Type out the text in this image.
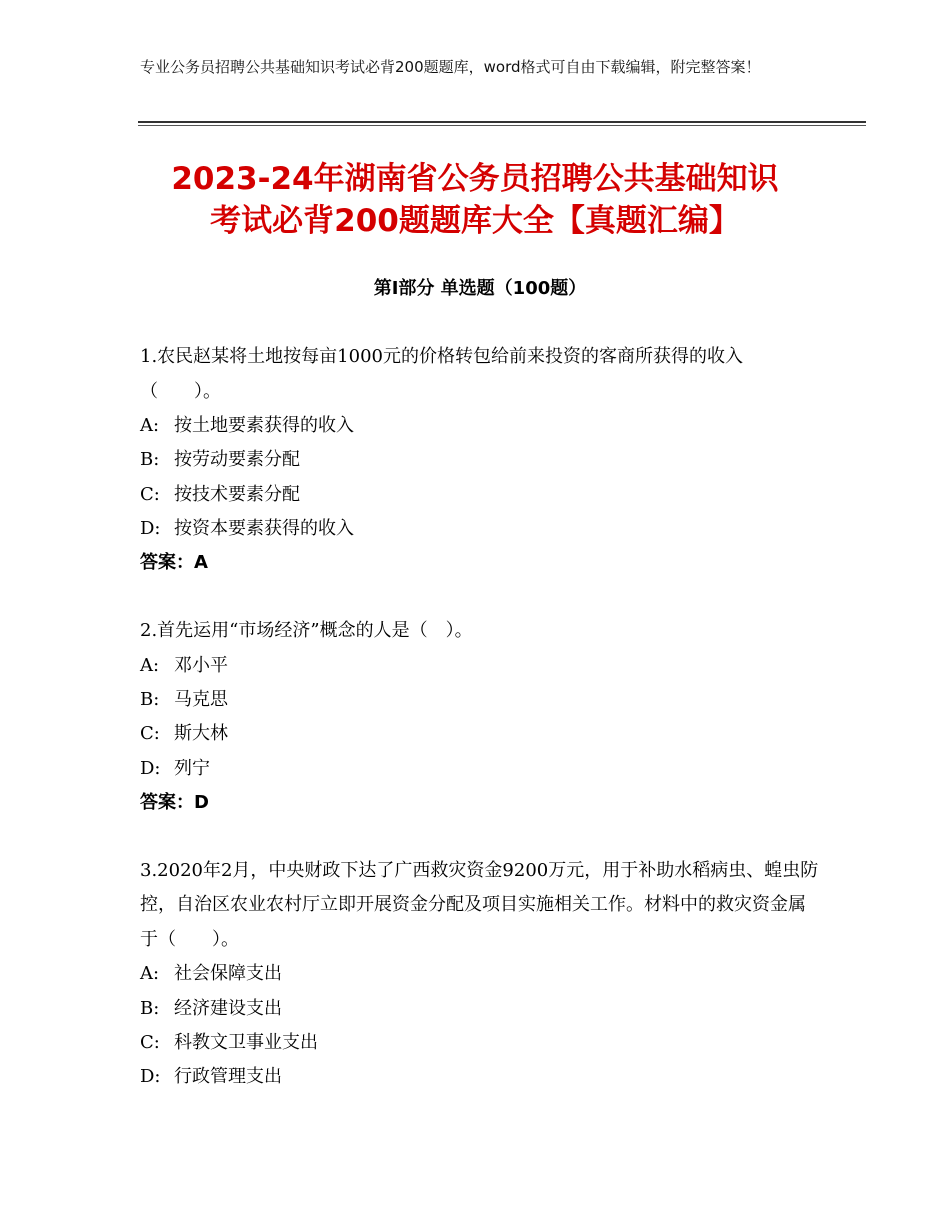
专业公务员招聘公共基础知识考试必背200题题库，word格式可自由下载编辑，附完整答案！
2023-24年湖南省公务员招聘公共基础知识
考试必背200题题库大全【真题汇编】
第Ⅰ部分 单选题（100题）
1.农民赵某将土地按每亩1000元的价格转包给前来投资的客商所获得的收入（　　）。
A: 按土地要素获得的收入
B: 按劳动要素分配
C: 按技术要素分配
D: 按资本要素获得的收入
答案：A
2.首先运用“市场经济”概念的人是（　）。
A: 邓小平
B: 马克思
C: 斯大林
D: 列宁
答案：D
3.2020年2月，中央财政下达了广西救灾资金9200万元，用于补助水稻病虫、蝗虫防控，自治区农业农村厅立即开展资金分配及项目实施相关工作。材料中的救灾资金属于（　　）。
A: 社会保障支出
B: 经济建设支出
C: 科教文卫事业支出
D: 行政管理支出
